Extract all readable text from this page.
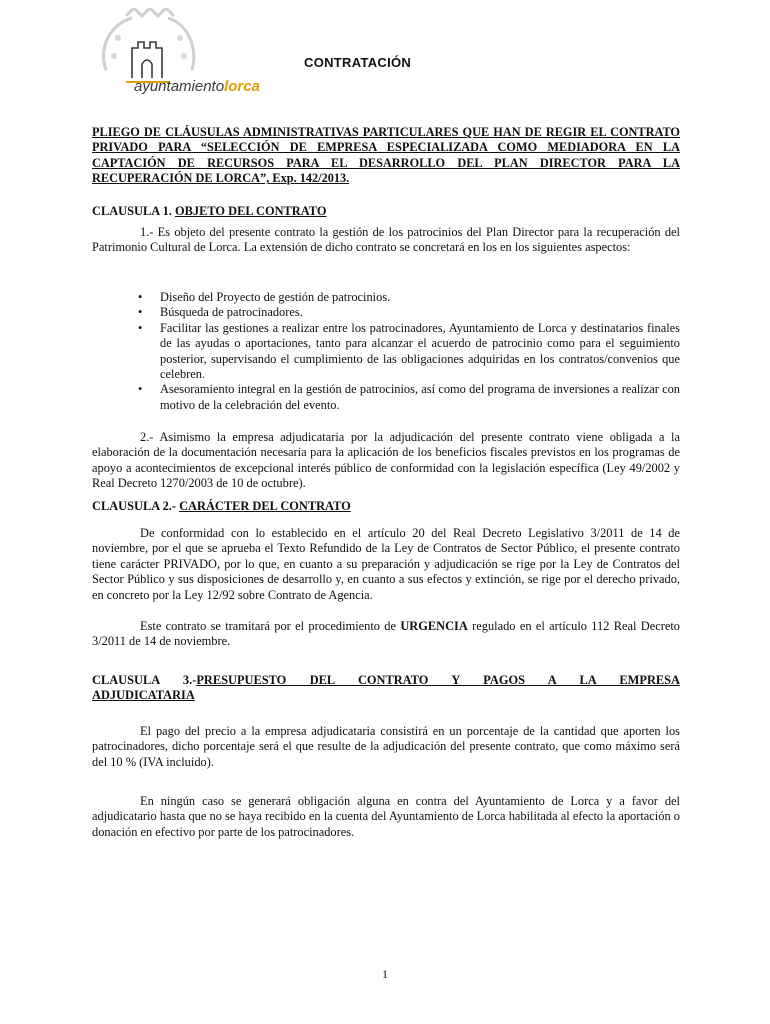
ayuntamientolorca
CONTRATACIÓN
PLIEGO DE CLÁUSULAS ADMINISTRATIVAS PARTICULARES QUE HAN DE REGIR EL CONTRATO PRIVADO PARA “SELECCIÓN DE EMPRESA ESPECIALIZADA COMO MEDIADORA EN LA CAPTACIÓN DE RECURSOS PARA EL DESARROLLO DEL PLAN DIRECTOR PARA LA RECUPERACIÓN DE LORCA”, Exp. 142/2013.
CLAUSULA 1. OBJETO DEL CONTRATO

1.- Es objeto del presente contrato la gestión de los patrocinios del Plan Director para la recuperación del Patrimonio Cultural de Lorca. La extensión de dicho contrato se concretará en los en los siguientes aspectos:

• Diseño del Proyecto de gestión de patrocinios.
• Búsqueda de patrocinadores.
• Facilitar las gestiones a realizar entre los patrocinadores, Ayuntamiento de Lorca y destinatarios finales de las ayudas o aportaciones, tanto para alcanzar el acuerdo de patrocinio como para el seguimiento posterior, supervisando el cumplimiento de las obligaciones adquiridas en los contratos/convenios que celebren.
• Asesoramiento integral en la gestión de patrocinios, así como del programa de inversiones a realizar con motivo de la celebración del evento.

2.- Asimismo la empresa adjudicataria por la adjudicación del presente contrato viene obligada a la elaboración de la documentación necesaria para la aplicación de los beneficios fiscales previstos en los programas de apoyo a acontecimientos de excepcional interés público de conformidad con la legislación específica (Ley 49/2002 y Real Decreto 1270/2003 de 10 de octubre).

CLAUSULA 2.- CARÁCTER DEL CONTRATO

De conformidad con lo establecido en el artículo 20 del Real Decreto Legislativo 3/2011 de 14 de noviembre, por el que se aprueba el Texto Refundido de la Ley de Contratos de Sector Público, el presente contrato tiene carácter PRIVADO, por lo que, en cuanto a su preparación y adjudicación se rige por la Ley de Contratos del Sector Público y sus disposiciones de desarrollo y, en cuanto a sus efectos y extinción, se rige por el derecho privado, en concreto por la Ley 12/92 sobre Contrato de Agencia.

Este contrato se tramitará por el procedimiento de URGENCIA regulado en el artículo 112 Real Decreto 3/2011 de 14 de noviembre.

CLAUSULA 3.-PRESUPUESTO DEL CONTRATO Y PAGOS A LA EMPRESA
ADJUDICATARIA

El pago del precio a la empresa adjudicataria consistirá en un porcentaje de la cantidad que aporten los patrocinadores, dicho porcentaje será el que resulte de la adjudicación del presente contrato, que como máximo será del 10 % (IVA incluido).

En ningún caso se generará obligación alguna en contra del Ayuntamiento de Lorca y a favor del adjudicatario hasta que no se haya recibido en la cuenta del Ayuntamiento de Lorca habilitada al efecto la aportación o donación en efectivo por parte de los patrocinadores.

1
